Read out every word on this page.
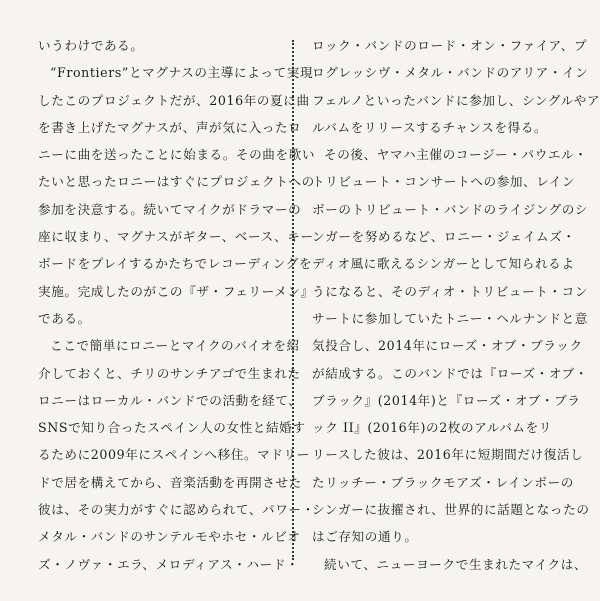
いうわけである。
“Frontiers”とマグナスの主導によって実現
したこのプロジェクトだが、2016年の夏に曲
を書き上げたマグナスが、声が気に入ったロ
ニーに曲を送ったことに始まる。その曲を歌い
たいと思ったロニーはすぐにプロジェクトへの
参加を決意する。続いてマイクがドラマーの
座に収まり、マグナスがギター、ベース、キー
ボードをプレイするかたちでレコーディングを
実施。完成したのがこの『ザ・フェリーメン』
である。
ここで簡単にロニーとマイクのバイオを紹
介しておくと、チリのサンチアゴで生まれた
ロニーはローカル・バンドでの活動を経て、
SNSで知り合ったスペイン人の女性と結婚す
るために2009年にスペインへ移住。マドリー
ドで居を構えてから、音楽活動を再開させた
彼は、その実力がすぐに認められて、パワー・
メタル・バンドのサンテルモやホセ・ルビオ
ズ・ノヴァ・エラ、メロディアス・ハード・
ロック・バンドのロード・オン・ファイア、プ
ログレッシヴ・メタル・バンドのアリア・イン
フェルノといったバンドに参加し、シングルやア
ルバムをリリースするチャンスを得る。
その後、ヤマハ主催のコージー・パウエル・
トリビュート・コンサートへの参加、レイン
ボーのトリビュート・バンドのライジングのシ
ンガーを努めるなど、ロニー・ジェイムズ・
ディオ風に歌えるシンガーとして知られるよ
うになると、そのディオ・トリビュート・コン
サートに参加していたトニー・ヘルナンドと意
気投合し、2014年にローズ・オブ・ブラック
が結成する。このバンドでは『ローズ・オブ・
ブラック』(2014年)と『ローズ・オブ・ブラ
ック II』(2016年)の2枚のアルバムをリ
リースした彼は、2016年に短期間だけ復活し
たリッチー・ブラックモアズ・レインボーの
シンガーに抜擢され、世界的に話題となったの
はご存知の通り。
続いて、ニューヨークで生まれたマイクは、
